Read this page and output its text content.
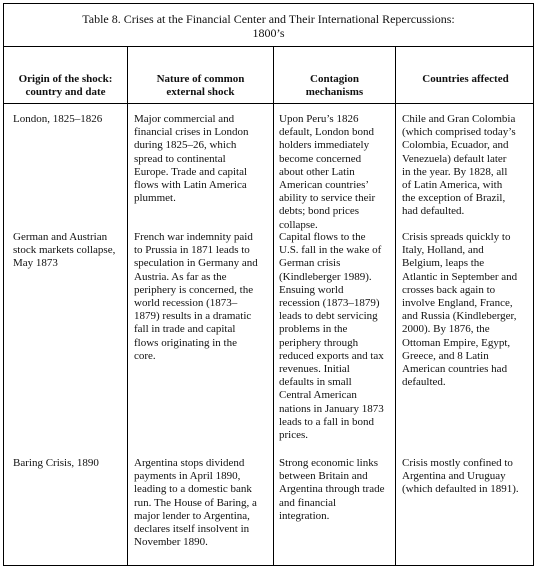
Table 8. Crises at the Financial Center and Their International Repercussions:
1800’s
Origin of the shock:
country and date
Nature of common
external shock
Contagion
mechanisms
Countries affected
London, 1825–1826	Major commercial and
financial crises in London
during 1825–26, which
spread to continental
Europe. Trade and capital
flows with Latin America
plummet.
Upon Peru’s 1826
default, London bond
holders immediately
become concerned
about other Latin
American countries’
ability to service their
debts; bond prices
collapse.
Chile and Gran Colombia
(which comprised today’s
Colombia, Ecuador, and
Venezuela) default later
in the year. By 1828, all
of Latin America, with
the exception of Brazil,
had defaulted.
German and Austrian
stock markets collapse,
May 1873
French war indemnity paid
to Prussia in 1871 leads to
speculation in Germany and
Austria. As far as the
periphery is concerned, the
world recession (1873–
1879) results in a dramatic
fall in trade and capital
flows originating in the
core.
Capital flows to the
U.S. fall in the wake of
German crisis
(Kindleberger 1989).
Ensuing world
recession (1873–1879)
leads to debt servicing
problems in the
periphery through
reduced exports and tax
revenues. Initial
defaults in small
Central American
nations in January 1873
leads to a fall in bond
prices.
Crisis spreads quickly to
Italy, Holland, and
Belgium, leaps the
Atlantic in September and
crosses back again to
involve England, France,
and Russia (Kindleberger,
2000). By 1876, the
Ottoman Empire, Egypt,
Greece, and 8 Latin
American countries had
defaulted.
Baring Crisis, 1890	Argentina stops dividend
payments in April 1890,
leading to a domestic bank
run. The House of Baring, a
major lender to Argentina,
declares itself insolvent in
November 1890.
Strong economic links
between Britain and
Argentina through trade
and financial
integration.
Crisis mostly confined to
Argentina and Uruguay
(which defaulted in 1891).
